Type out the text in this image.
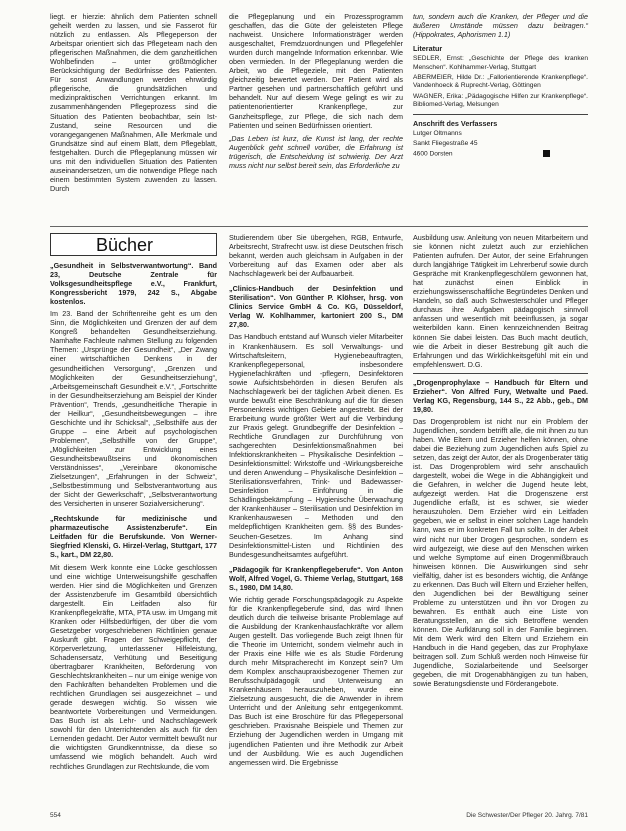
liegt. er hierzie: ähnlich dem Patienten schnell geheilt werden zu lassen, und sie Fasserot für nützlich zu entlassen. Als Pflegeperson der Arbeitspar orientiert sich das Pflegeteam nach den pflegerischen Maßnahmen, die dem ganzheitlichen Wohlbefinden – unter größtmöglicher Berücksichtigung der Bedürfnisse des Patienten. Für sonst Anwandlungen werden ehrwürdig pflegerische, die grundsätzlichen und medizinpraktischen Verrichtungen erkannt. Im zusammenhängenden Pflegeprozess sind die Situation des Patienten beobachtbar, sein Ist-Zustand, seine Resourcen und die vorangegangenen Maßnahmen, Alle Merkmale und Grundsätze sind auf einem Blatt, dem Pflegeblatt, festgehalten. Durch die Pflegeplanung müssen wir uns mit den individuellen Situation des Patienten auseinandersetzen, um die notwendige Pflege nach einem bestimmten System zuwenden zu lassen. Durch

die Pflegeplanung und ein Prozessprogramm geschaffen, das die Güte der geleisteten Pflege nachweist. Unsichere Informationsträger werden ausgeschaltet, Fremdzuordnungen und Pflegefehler wurden durch mangelnde Information erkennbar. Wie oben vermieden. In der Pflegeplanung werden die Arbeit, wo die Pflegeziele, mit den Patienten gleichzeitig bewertet werden. Der Patient wird als Partner gesehen und partnerschaftlich geführt und behandelt. Nur auf diesem Wege gelingt es wir zu patientenorientierter Krankenpflege, zur Ganzheitspflege, zur Pflege, die sich nach dem Patienten und seinen Bedürfnissen orientiert.

„Das Leben ist kurz, die Kunst ist lang, der rechte Augenblick geht schnell vorüber, die Erfahrung ist trügerisch, die Entscheidung ist schwierig. Der Arzt muss nicht nur selbst bereit sein, das Erforderliche zu

tun, sondern auch die Kranken, der Pfleger und die äußeren Umstände müssen dazu beitragen.“ (Hippokrates, Aphorismen 1.1)

Literatur

SEDLER, Ernst: „Geschichte der Pflege des kranken Menschen“. Kohlhammer-Verlag, Stuttgart

ABERMEIER, Hilde Dr.: „Fallorientierende Krankenpflege“. Vandenhoeck & Ruprecht-Verlag, Göttingen

WAGNER, Erika: „Pädagogische Hilfen zur Krankenpflege“. Bibliomed-Verlag, Melsungen

Anschrift des Verfassers

Lutger Oltmanns

Sankt Fliegestraße 45

4600 Dorsten

Bücher

„Gesundheit in Selbstverwantwortung“. Band 23, Deutsche Zentrale für Volksgesundheitspflege e.V., Frankfurt, Kongressbericht 1979, 242 S., Abgabe kostenlos.

Im 23. Band der Schriftenreihe geht es um den Sinn, die Möglichkeiten und Grenzen der auf dem Kongreß behandelten Gesundheitserziehung. Namhafte Fachleute nahmen Stellung zu folgenden Themen: „Ursprünge der Gesundheit“, „Der Zwang einer wirtschaftlichen Denkens in der gesundheitlichen Versorgung“, „Grenzen und Möglichkeiten der Gesundheitserziehung“, „Arbeitsgemeinschaft Gesundheit e.V.“, „Fortschritte in der Gesundheitserziehung am Beispiel der Kinder Prävention“, Trends, „gesundheitliche Therapie in der Heilkur“, „Gesundheitsbewegungen – ihre Geschichte und ihr Schicksal“, „Selbsthilfe aus der Gruppe – eine Arbeit auf psychologischen Problemen“, „Selbsthilfe von der Gruppe“, „Möglichkeiten zur Entwicklung eines Gesundheitsbewußtseins und ökonomischen Verständnisses“, „Vereinbare ökonomische Zielsetzungen“, „Erfahrungen in der Schweiz“, „Selbstbestimmung und Selbstverantwortung aus der Sicht der Gewerkschaft“, „Selbstverantwortung des Versicherten in unserer Sozialversicherung“.

„Rechtskunde für medizinische und pharmazeutische Assistenzberufe“. Ein Leitfaden für die Berufskunde. Von Werner-Siegfried Klenski, G. Hirzel-Verlag, Stuttgart, 177 S., kart., DM 22,80.

Mit diesem Werk konnte eine Lücke geschlossen und eine wichtige Unterweisungshilfe geschaffen werden. Hier sind die Möglichkeiten und Grenzen der Assistenzberufe im Gesamtbild übersichtlich dargestellt. Ein Leitfaden also für Krankenpflegekräfte, MTA, PTA usw. im Umgang mit Kranken oder Hilfsbedürftigen, der über die vom Gesetzgeber vorgeschriebenen Richtlinien genaue Auskunft gibt. Fragen der Schweigepflicht, der Körperverletzung, unterlassener Hilfeleistung, Schadensersatz, Verhütung und Beseitigung übertragbarer Krankheiten, Beförderung von Geschlechtskrankheiten – nur um einige wenige von den Fachkräften behandelten Problemen und die rechtlichen Grundlagen sei ausgezeichnet – und gerade deswegen wichtig. So wissen wie beantwortete Vorbereitungen und Vermeidungen. Das Buch ist als Lehr- und Nachschlagewerk sowohl für den Unterrichtenden als auch für den Lernenden gedacht. Der Autor vermittelt bewußt nur die wichtigsten Grundkenntnisse, da diese so umfassend wie möglich behandelt. Auch wird rechtliches Grundlagen zur Rechtskunde, die vom

Studierendem über Sie übergehen, RGB, Entwurfe, Arbeitsrecht, Strafrecht usw. ist diese Deutschen frisch bekannt, werden auch gleichsam in Aufgaben in der Vorbereitung auf das Examen oder aber als Nachschlagewerk bei der Aufbauarbeit.

„Clinics-Handbuch der Desinfektion und Sterilisation“. Von Günther P. Klöhser, hrsg. von Clinics Service GmbH & Co. KG, Düsseldorf, Verlag W. Kohlhammer, kartoniert 200 S., DM 27,80.

Das Handbuch entstand auf Wunsch vieler Mitarbeiter in Krankenhäusern. Es soll Verwaltungs- und Wirtschaftsleitern, Hygienebeauftragten, Krankenpflegepersonal, insbesondere Hygienefachkräften und -pflegern, Desinfektoren sowie Aufsichtsbehörden in diesen Berufen als Nachschlagewerk bei der täglichen Arbeit dienen. Es wurde bewußt eine Beschränkung auf die für diesen Personenkreis wichtigen Gebiete angestrebt. Bei der Erarbeitung wurde größter Wert auf die Verbindung zur Praxis gelegt. Grundbegriffe der Desinfektion – Rechtliche Grundlagen zur Durchführung von sachgerechten Desinfektionsmaßnahmen bei Infektionskrankheiten – Physikalische Desinfektion – Desinfektionsmittel: Wirkstoffe und -Wirkungsbereiche und deren Anwendung – Physikalische Desinfektion – Sterilisationsverfahren, Trink- und Badewasser-Desinfektion – Einführung in die Schädlingsbekämpfung – Hygienische Überwachung der Krankenhäuser – Sterilisation und Desinfektion im Krankenhauswesen – Methoden und den meldepflichtigen Krankheiten gem. §§ des Bundes-Seuchen-Gesetzes. Im Anhang sind Desinfektionsmittel-Listen und Richtlinien des Bundesgesundheitsamtes aufgeführt.

„Pädagogik für Krankenpflegeberufe“. Von Anton Wolf, Alfred Vogel, G. Thieme Verlag, Stuttgart, 168 S., 1980, DM 14,80.

Wie richtig gerade Forschungspädagogik zu Aspekte für die Krankenpflegeberufe sind, das wird Ihnen deutlich durch die teilweise brisante Problemlage auf die Ausbildung der Krankenhausfachkräfte vor allem Augen gestellt. Das vorliegende Buch zeigt Ihnen für die Theorie im Unterricht, sondern vielmehr auch in der Praxis eine Hilfe wie es als Studie Förderung durch mehr Mitspracherecht im Konzept sein? Um dem Komplex anschaupraxisbezogener Themen zur Berufsschulpädagogik und Unterweisung an Krankenhäusern herauszuheben, wurde eine Zielsetzung ausgesucht, die die Anwender in ihrem Unterricht und der Anleitung sehr entgegenkommt. Das Buch ist eine Broschüre für das Pflegepersonal geschrieben. Praxisnahe Beispiele und Themen zur Erziehung der Jugendlichen werden in Umgang mit jugendlichen Patienten und ihre Methodik zur Arbeit und der Ausbildung. Wie es auch Jugendlichen angemessen wird. Die Ergebnisse

Ausbildung usw. Anleitung von neuen Mitarbeitern und sie können nicht zuletzt auch zur erziehlichen Patienten aufrufen. Der Autor, der seine Erfahrungen durch langjährige Tätigkeit im Lehrerberuf sowie durch Gespräche mit Krankenpflegeschülern gewonnen hat, hat zunächst einen Einblick in erziehungswissenschaftliche Begründetes Denken und Handeln, so daß auch Schwesterschüler und Pfleger durchaus ihre Aufgaben pädagogisch sinnvoll anfassen und wesentlich mit beeinflussen, ja sogar weiterbilden kann. Einen kennzeichnenden Beitrag können Sie dabei leisten. Das Buch macht deutlich, wie die Arbeit in dieser Bestrebung gilt auch die Erfahrungen und das Wirklichkeitsgefühl mit ein und empfehlenswert. D.G.

„Drogenprophylaxe – Handbuch für Eltern und Erzieher“. Von Alfred Fury, Wetwalte und Paed. Verlag KG, Regensburg, 144 S., 22 Abb., geb., DM 19,80.

Das Drogenproblem ist nicht nur ein Problem der Jugendlichen, sondern betrifft alle, die mit ihnen zu tun haben. Wie Eltern und Erzieher helfen können, ohne dabei die Beziehung zum Jugendlichen aufs Spiel zu setzen, das zeigt der Autor, der als Drogenberater tätig ist. Das Drogenproblem wird sehr anschaulich dargestellt, wobei die Wege in die Abhängigkeit und die Gefahren, in welcher die Jugend heute lebt, aufgezeigt werden. Hat die Drogenszene erst Jugendliche erfaßt, ist es schwer, sie wieder herauszuholen. Dem Erzieher wird ein Leitfaden gegeben, wie er selbst in einer solchen Lage handeln kann, was er im konkreten Fall tun sollte. In der Arbeit wird nicht nur über Drogen gesprochen, sondern es wird aufgezeigt, wie diese auf den Menschen wirken und welche Symptome auf einen Drogenmißbrauch hinweisen können. Die Auswirkungen sind sehr vielfältig, daher ist es besonders wichtig, die Anfänge zu erkennen. Das Buch will Eltern und Erzieher helfen, den Jugendlichen bei der Bewältigung seiner Probleme zu unterstützen und ihn vor Drogen zu bewahren. Es enthält auch eine Liste von Beratungsstellen, an die sich Betroffene wenden können. Die Aufklärung soll in der Familie beginnen. Mit dem Werk wird den Eltern und Erziehern ein Handbuch in die Hand gegeben, das zur Prophylaxe beitragen soll. Zum Schluß werden noch Hinweise für Jugendliche, Sozialarbeitende und Seelsorger gegeben, die mit Drogenabhängigen zu tun haben, sowie Beratungsdienste und Förderangebote.

554	Die Schwester/Der Pfleger 20. Jahrg. 7/81
